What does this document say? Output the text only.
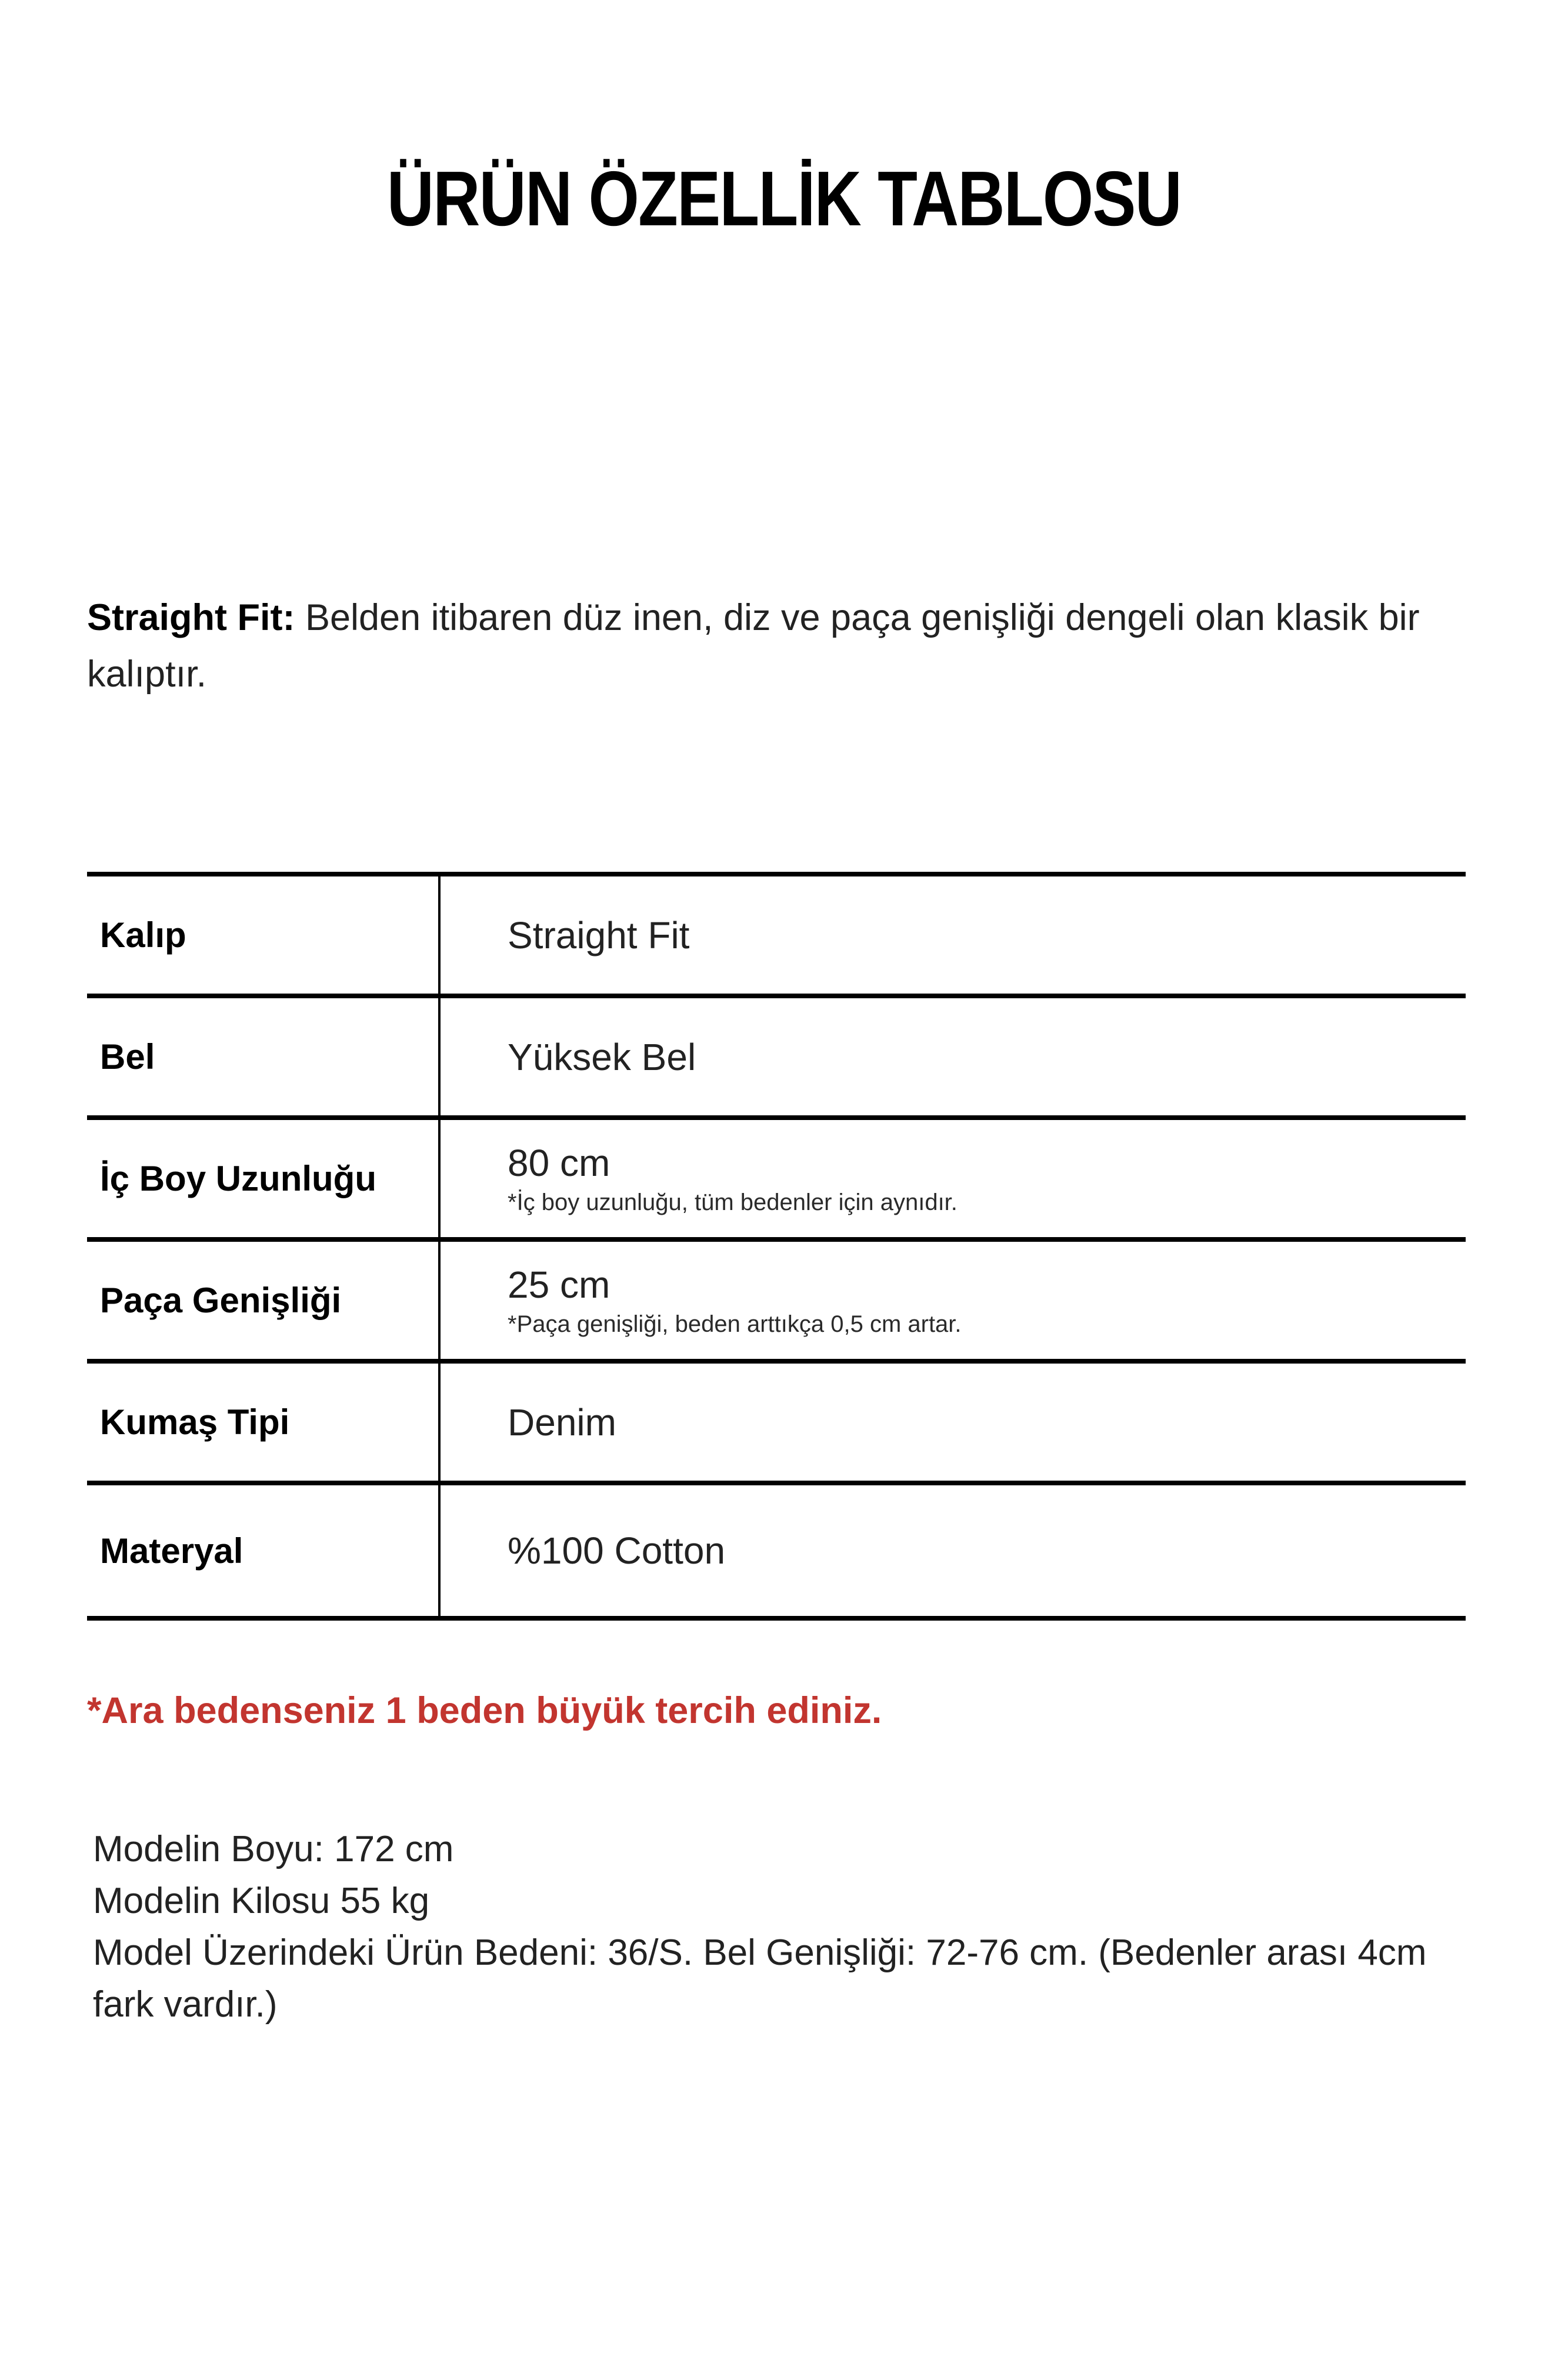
ÜRÜN ÖZELLİK TABLOSU

Straight Fit: Belden itibaren düz inen, diz ve paça genişliği dengeli olan klasik bir kalıptır.

Kalıp	Straight Fit
Bel	Yüksek Bel
İç Boy Uzunluğu	80 cm
*İç boy uzunluğu, tüm bedenler için aynıdır.
Paça Genişliği	25 cm
*Paça genişliği, beden arttıkça 0,5 cm artar.
Kumaş Tipi	Denim
Materyal	%100 Cotton

*Ara bedenseniz 1 beden büyük tercih ediniz.

Modelin Boyu: 172 cm
Modelin Kilosu 55 kg
Model Üzerindeki Ürün Bedeni: 36/S. Bel Genişliği: 72-76 cm. (Bedenler arası 4cm fark vardır.)
